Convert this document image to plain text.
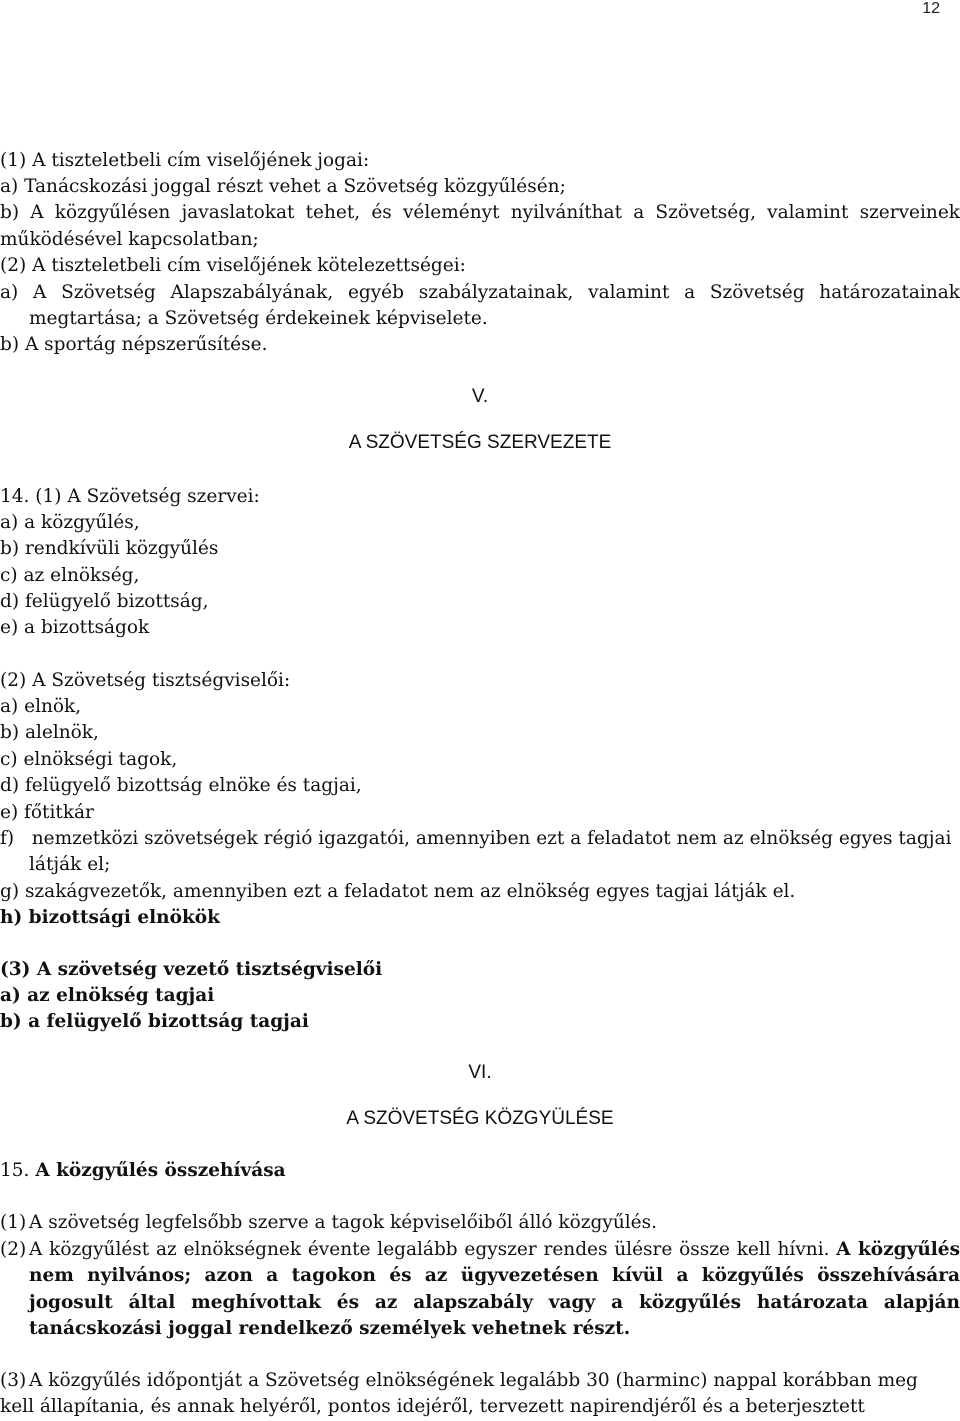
12
(1) A tiszteletbeli cím viselőjének jogai:
a) Tanácskozási joggal részt vehet a Szövetség közgyűlésén;
b) A közgyűlésen javaslatokat tehet, és véleményt nyilváníthat a Szövetség, valamint szerveinek
működésével kapcsolatban;
(2) A tiszteletbeli cím viselőjének kötelezettségei:
a) A Szövetség Alapszabályának, egyéb szabályzatainak, valamint a Szövetség határozatainak
megtartása; a Szövetség érdekeinek képviselete.
b) A sportág népszerűsítése.
V.
A SZÖVETSÉG SZERVEZETE
14. (1) A Szövetség szervei:
a) a közgyűlés,
b) rendkívüli közgyűlés
c) az elnökség,
d) felügyelő bizottság,
e) a bizottságok
(2) A Szövetség tisztségviselői:
a) elnök,
b) alelnök,
c) elnökségi tagok,
d) felügyelő bizottság elnöke és tagjai,
e) főtitkár
f)   nemzetközi szövetségek régió igazgatói, amennyiben ezt a feladatot nem az elnökség egyes tagjai
látják el;
g) szakágvezetők, amennyiben ezt a feladatot nem az elnökség egyes tagjai látják el.
h) bizottsági elnökök
(3) A szövetség vezető tisztségviselői
a) az elnökség tagjai
b) a felügyelő bizottság tagjai
VI.
A SZÖVETSÉG KÖZGYÜLÉSE
15. A közgyűlés összehívása
(1) A szövetség legfelsőbb szerve a tagok képviselőiből álló közgyűlés.
(2) A közgyűlést az elnökségnek évente legalább egyszer rendes ülésre össze kell hívni. A közgyűlés nem nyilvános; azon a tagokon és az ügyvezetésen kívül a közgyűlés összehívására jogosult által meghívottak és az alapszabály vagy a közgyűlés határozata alapján tanácskozási joggal rendelkező személyek vehetnek részt.
(3) A közgyűlés időpontját a Szövetség elnökségének legalább 30 (harminc) nappal korábban meg
kell állapítania, és annak helyéről, pontos idejéről, tervezett napirendjéről és a beterjesztett
